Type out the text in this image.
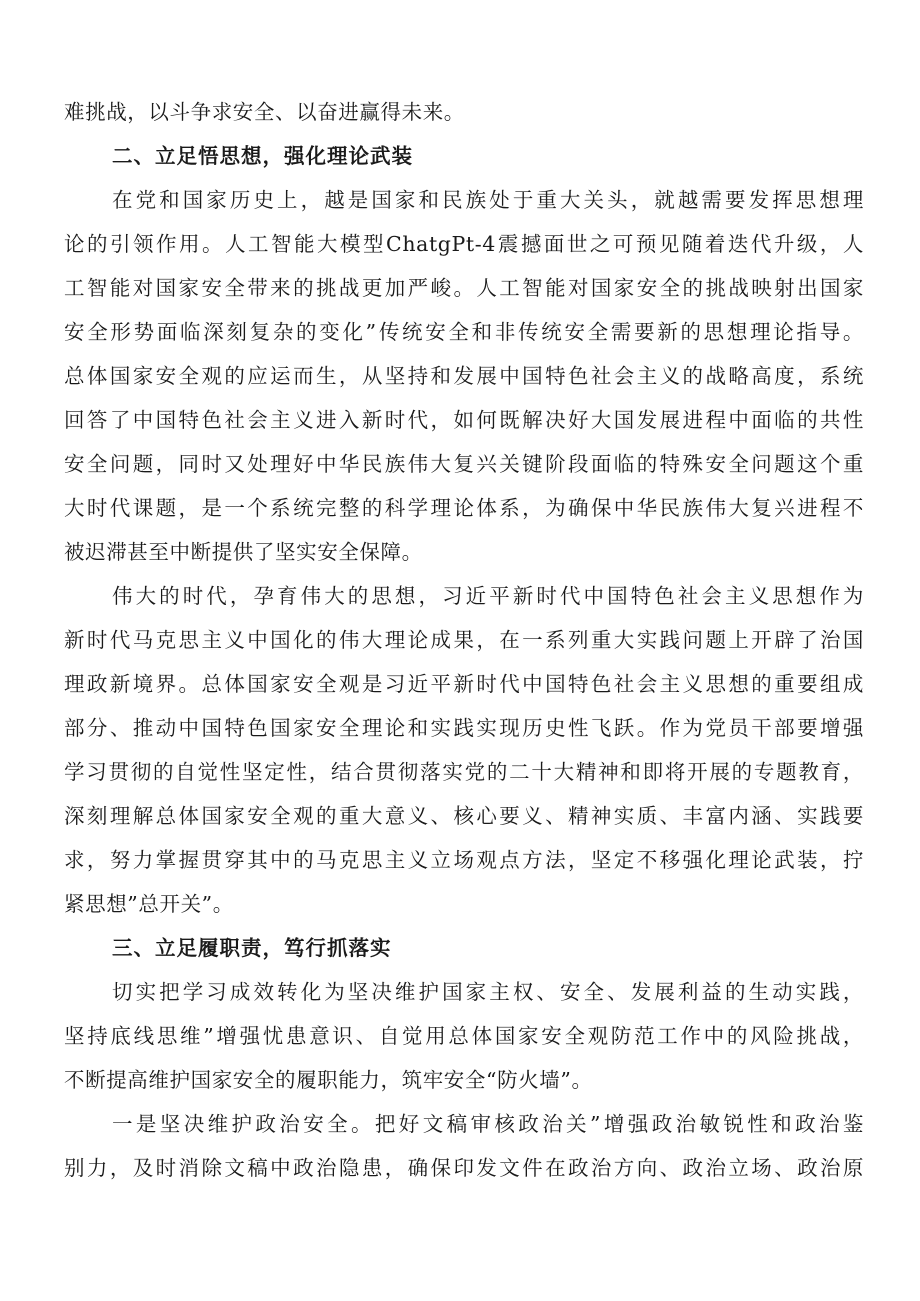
难挑战，以斗争求安全、以奋进赢得未来。
二、立足悟思想，强化理论武装
在党和国家历史上，越是国家和民族处于重大关头，就越需要发挥思想理
论的引领作用。人工智能大模型ChatgPt-4震撼面世之可预见随着迭代升级，人
工智能对国家安全带来的挑战更加严峻。人工智能对国家安全的挑战映射出国家
安全形势面临深刻复杂的变化”传统安全和非传统安全需要新的思想理论指导。
总体国家安全观的应运而生，从坚持和发展中国特色社会主义的战略高度，系统
回答了中国特色社会主义进入新时代，如何既解决好大国发展进程中面临的共性
安全问题，同时又处理好中华民族伟大复兴关键阶段面临的特殊安全问题这个重
大时代课题，是一个系统完整的科学理论体系，为确保中华民族伟大复兴进程不
被迟滞甚至中断提供了坚实安全保障。
伟大的时代，孕育伟大的思想，习近平新时代中国特色社会主义思想作为
新时代马克思主义中国化的伟大理论成果，在一系列重大实践问题上开辟了治国
理政新境界。总体国家安全观是习近平新时代中国特色社会主义思想的重要组成
部分、推动中国特色国家安全理论和实践实现历史性飞跃。作为党员干部要增强
学习贯彻的自觉性坚定性，结合贯彻落实党的二十大精神和即将开展的专题教育，
深刻理解总体国家安全观的重大意义、核心要义、精神实质、丰富内涵、实践要
求，努力掌握贯穿其中的马克思主义立场观点方法，坚定不移强化理论武装，拧
紧思想”总开关”。
三、立足履职责，笃行抓落实
切实把学习成效转化为坚决维护国家主权、安全、发展利益的生动实践，
坚持底线思维”增强忧患意识、自觉用总体国家安全观防范工作中的风险挑战，
不断提高维护国家安全的履职能力，筑牢安全“防火墙”。
一是坚决维护政治安全。把好文稿审核政治关”增强政治敏锐性和政治鉴
别力，及时消除文稿中政治隐患，确保印发文件在政治方向、政治立场、政治原
